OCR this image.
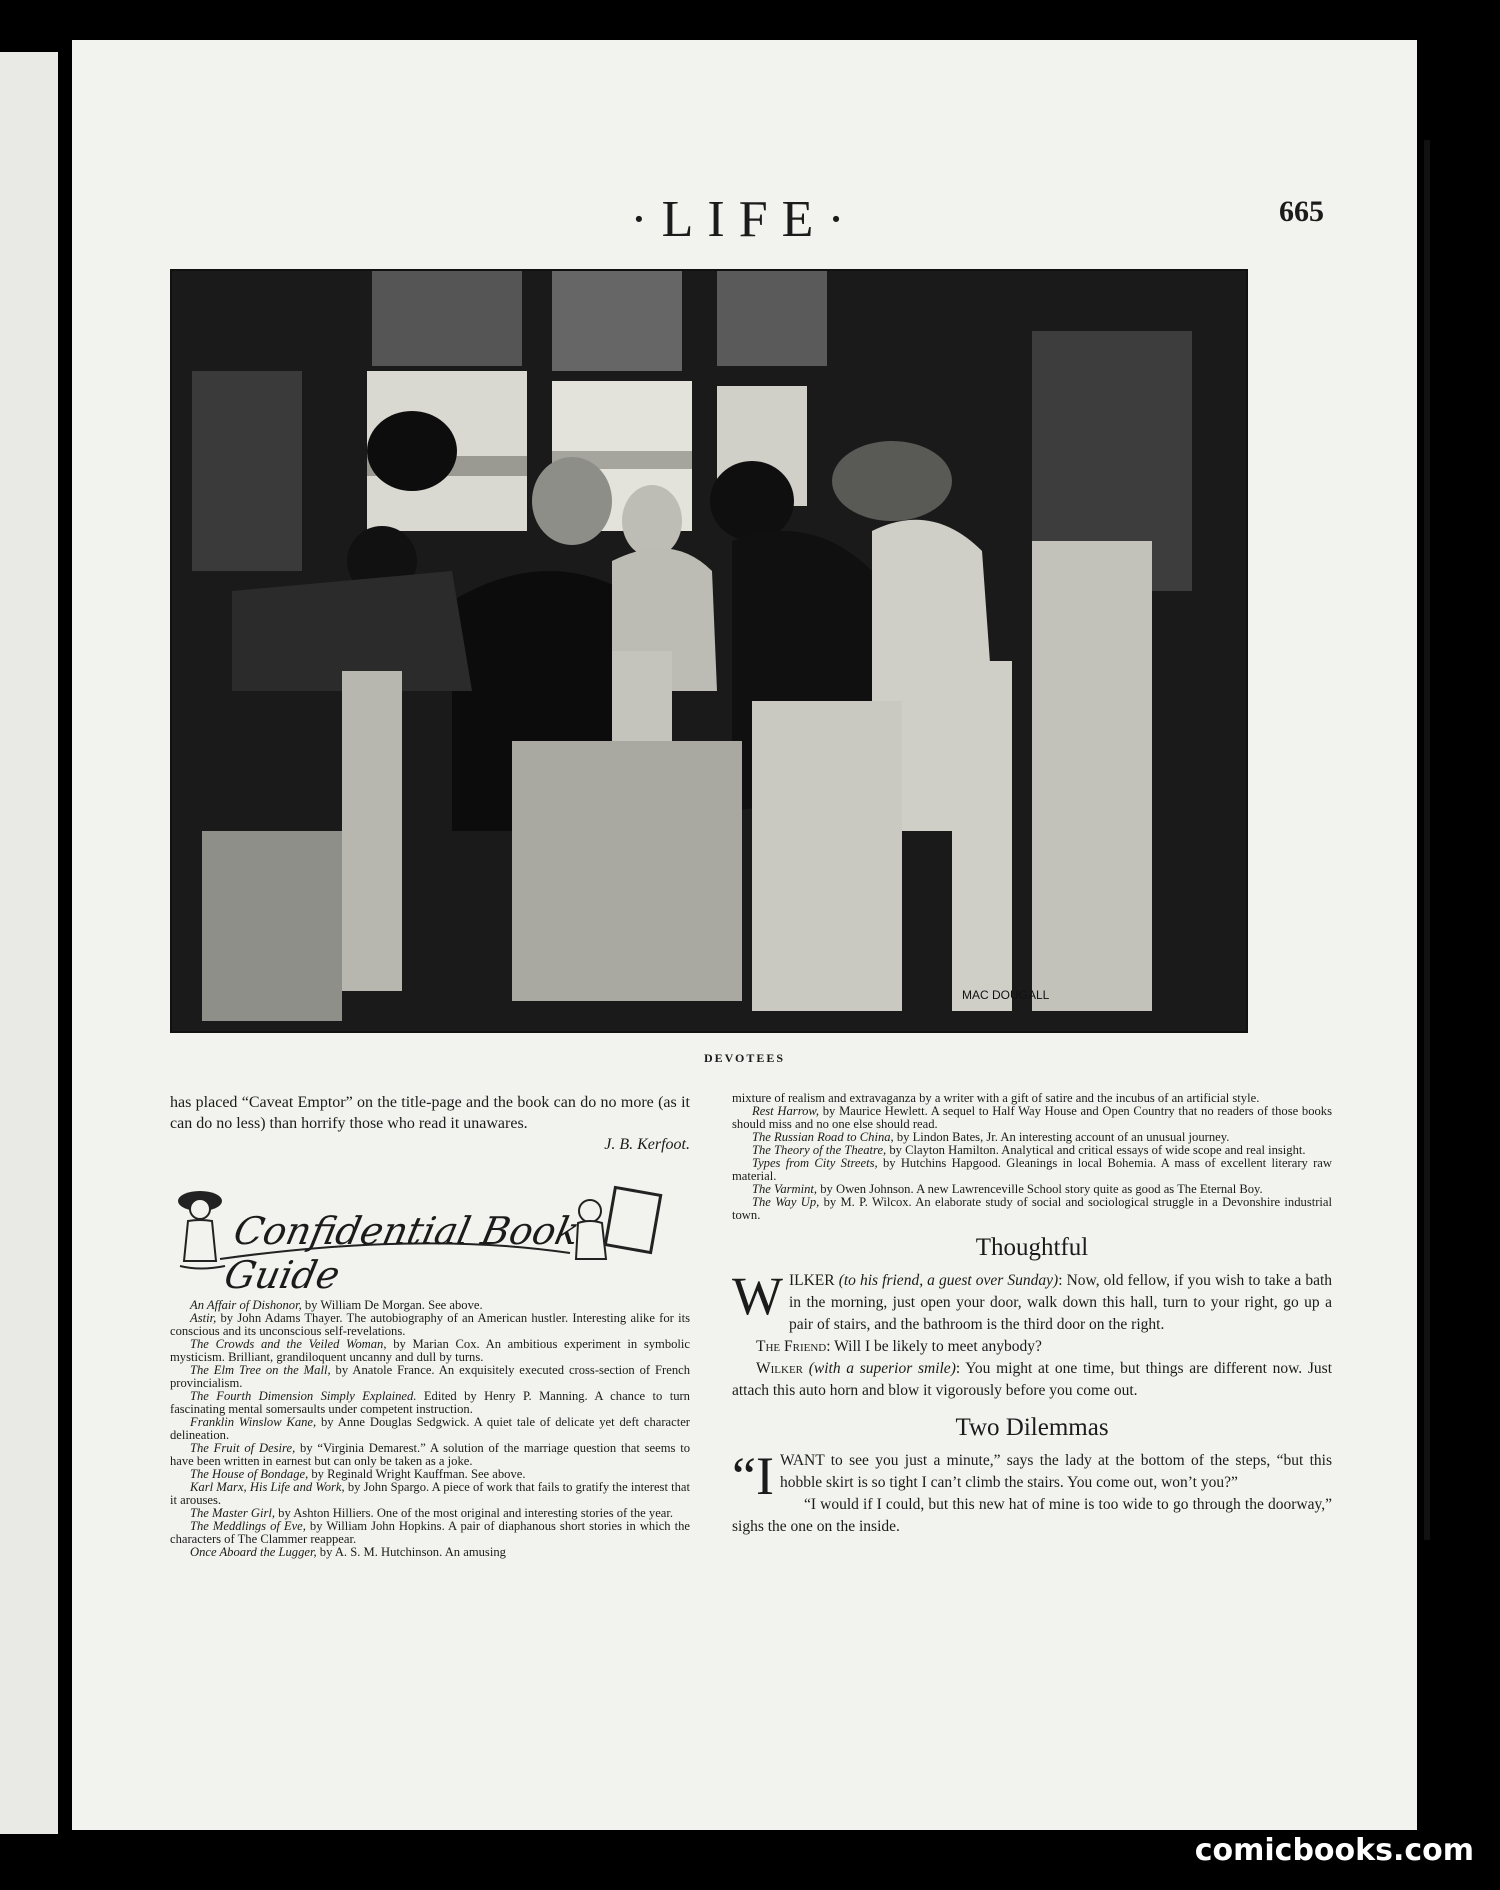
·LIFE·	665
MAC DOUGALL
DEVOTEES

has placed “Caveat Emptor” on the title-page and the book can do no more (as it can do no less) than horrify those who read it unawares.

J. B. Kerfoot.
Confidential Book Guide
An Affair of Dishonor, by William De Morgan. See above.
Astir, by John Adams Thayer. The autobiography of an American hustler. Interesting alike for its conscious and its unconscious self-revelations.
The Crowds and the Veiled Woman, by Marian Cox. An ambitious experiment in symbolic mysticism. Brilliant, grandiloquent uncanny and dull by turns.
The Elm Tree on the Mall, by Anatole France. An exquisitely executed cross-section of French provincialism.
The Fourth Dimension Simply Explained. Edited by Henry P. Manning. A chance to turn fascinating mental somersaults under competent instruction.
Franklin Winslow Kane, by Anne Douglas Sedgwick. A quiet tale of delicate yet deft character delineation.
The Fruit of Desire, by “Virginia Demarest.” A solution of the marriage question that seems to have been written in earnest but can only be taken as a joke.
The House of Bondage, by Reginald Wright Kauffman. See above.
Karl Marx, His Life and Work, by John Spargo. A piece of work that fails to gratify the interest that it arouses.
The Master Girl, by Ashton Hilliers. One of the most original and interesting stories of the year.
The Meddlings of Eve, by William John Hopkins. A pair of diaphanous short stories in which the characters of The Clammer reappear.
Once Aboard the Lugger, by A. S. M. Hutchinson. An amusing
mixture of realism and extravaganza by a writer with a gift of satire and the incubus of an artificial style.
Rest Harrow, by Maurice Hewlett. A sequel to Half Way House and Open Country that no readers of those books should miss and no one else should read.
The Russian Road to China, by Lindon Bates, Jr. An interesting account of an unusual journey.
The Theory of the Theatre, by Clayton Hamilton. Analytical and critical essays of wide scope and real insight.
Types from City Streets, by Hutchins Hapgood. Gleanings in local Bohemia. A mass of excellent literary raw material.
The Varmint, by Owen Johnson. A new Lawrenceville School story quite as good as The Eternal Boy.
The Way Up, by M. P. Wilcox. An elaborate study of social and sociological struggle in a Devonshire industrial town.
Thoughtful

WILKER (to his friend, a guest over Sunday): Now, old fellow, if you wish to take a bath in the morning, just open your door, walk down this hall, turn to your right, go up a pair of stairs, and the bathroom is the third door on the right.

The Friend: Will I be likely to meet anybody?

Wilker (with a superior smile): You might at one time, but things are different now. Just attach this auto horn and blow it vigorously before you come out.

Two Dilemmas

“IWANT to see you just a minute,” says the lady at the bottom of the steps, “but this hobble skirt is so tight I can’t climb the stairs. You come out, won’t you?”

“I would if I could, but this new hat of mine is too wide to go through the doorway,” sighs the one on the inside.

comicbooks.com
